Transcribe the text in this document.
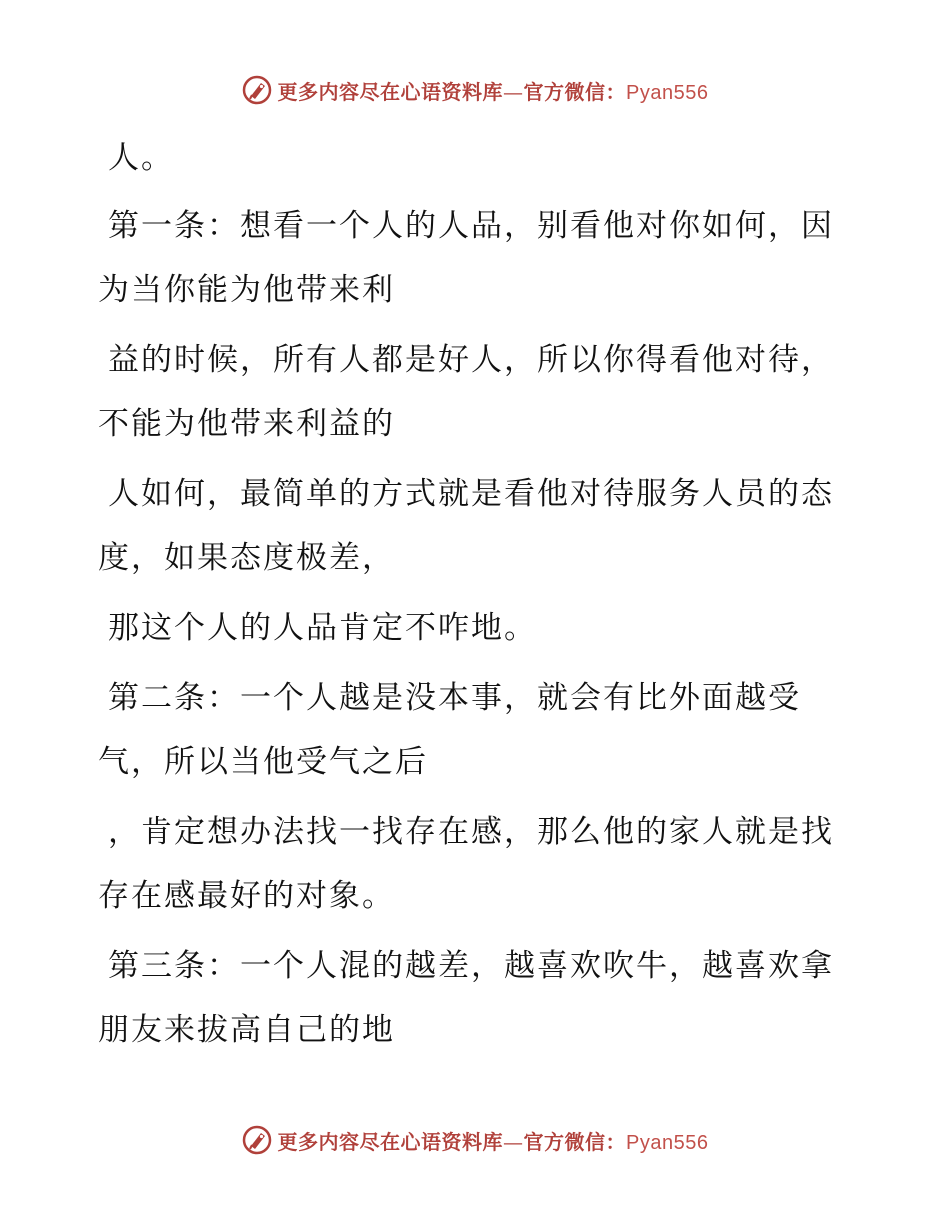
更多内容尽在心语资料库—官方微信：Pyan556

人。

第一条：想看一个人的人品，别看他对你如何，因为当你能为他带来利

益的时候，所有人都是好人，所以你得看他对待，不能为他带来利益的

人如何，最简单的方式就是看他对待服务人员的态度，如果态度极差，

那这个人的人品肯定不咋地。

第二条：一个人越是没本事，就会有比外面越受气，所以当他受气之后

，肯定想办法找一找存在感，那么他的家人就是找存在感最好的对象。

第三条：一个人混的越差，越喜欢吹牛，越喜欢拿朋友来拔高自己的地

更多内容尽在心语资料库—官方微信：Pyan556
